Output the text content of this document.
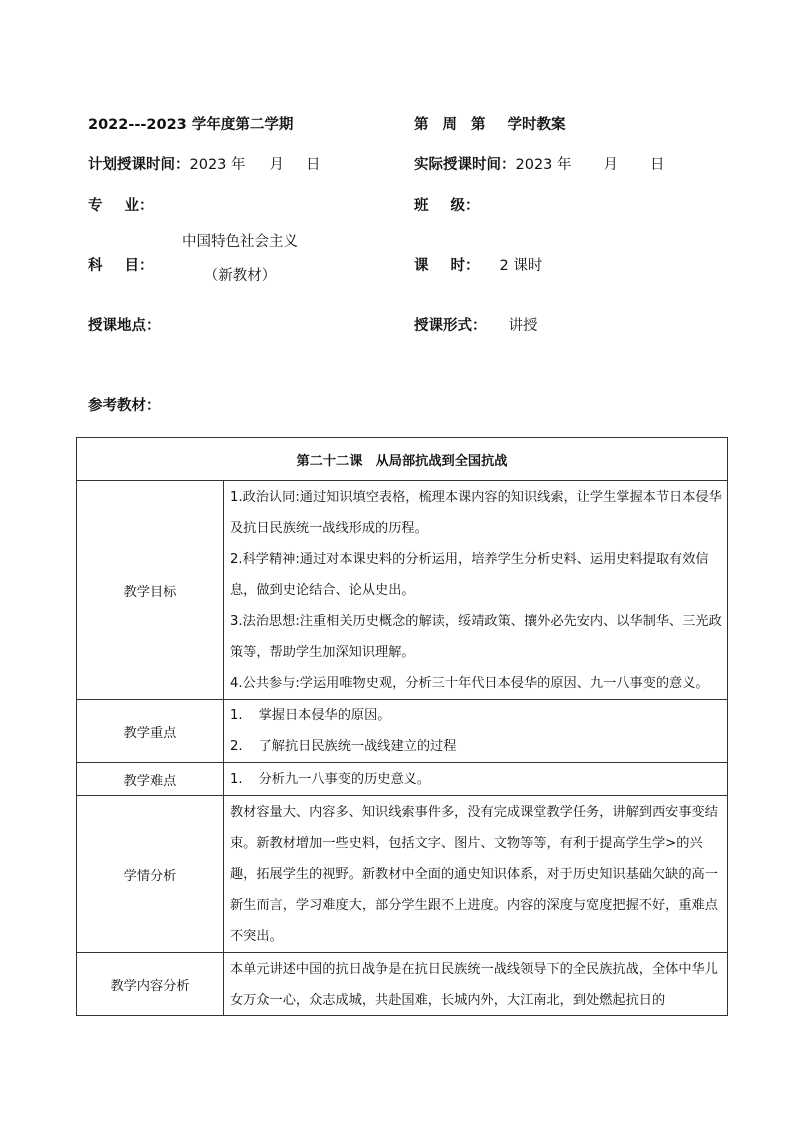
2022---2023 学年度第二学期	第 周 第 学时教案
计划授课时间：2023 年 月 日	实际授课时间：2023 年 月 日
专 业：	班 级：
科 目：
中国特色社会主义
（新教材）
课 时： 2 课时
授课地点：	授课形式： 讲授
参考教材：
第二十二课　从局部抗战到全国抗战	
教学目标	1.政治认同:通过知识填空表格，梳理本课内容的知识线索，让学生掌握本节日本侵华及抗日民族统一战线形成的历程。
2.科学精神:通过对本课史料的分析运用，培养学生分析史料、运用史料提取有效信息，做到史论结合、论从史出。
3.法治思想:注重相关历史概念的解读，绥靖政策、攘外必先安内、以华制华、三光政策等，帮助学生加深知识理解。
4.公共参与:学运用唯物史观，分析三十年代日本侵华的原因、九一八事变的意义。

教学重点	1. 掌握日本侵华的原因。
2. 了解抗日民族统一战线建立的过程

教学难点	1. 分析九一八事变的历史意义。

学情分析	教材容量大、内容多、知识线索事件多，没有完成课堂教学任务，讲解到西安事变结束。新教材增加一些史料，包括文字、图片、文物等等，有利于提高学生学>的兴趣，拓展学生的视野。新教材中全面的通史知识体系，对于历史知识基础欠缺的高一新生而言，学习难度大，部分学生跟不上进度。内容的深度与宽度把握不好，重难点不突出。
教学内容分析	本单元讲述中国的抗日战争是在抗日民族统一战线领导下的全民族抗战，全体中华儿女万众一心，众志成城，共赴国难，长城内外，大江南北，到处燃起抗日的
